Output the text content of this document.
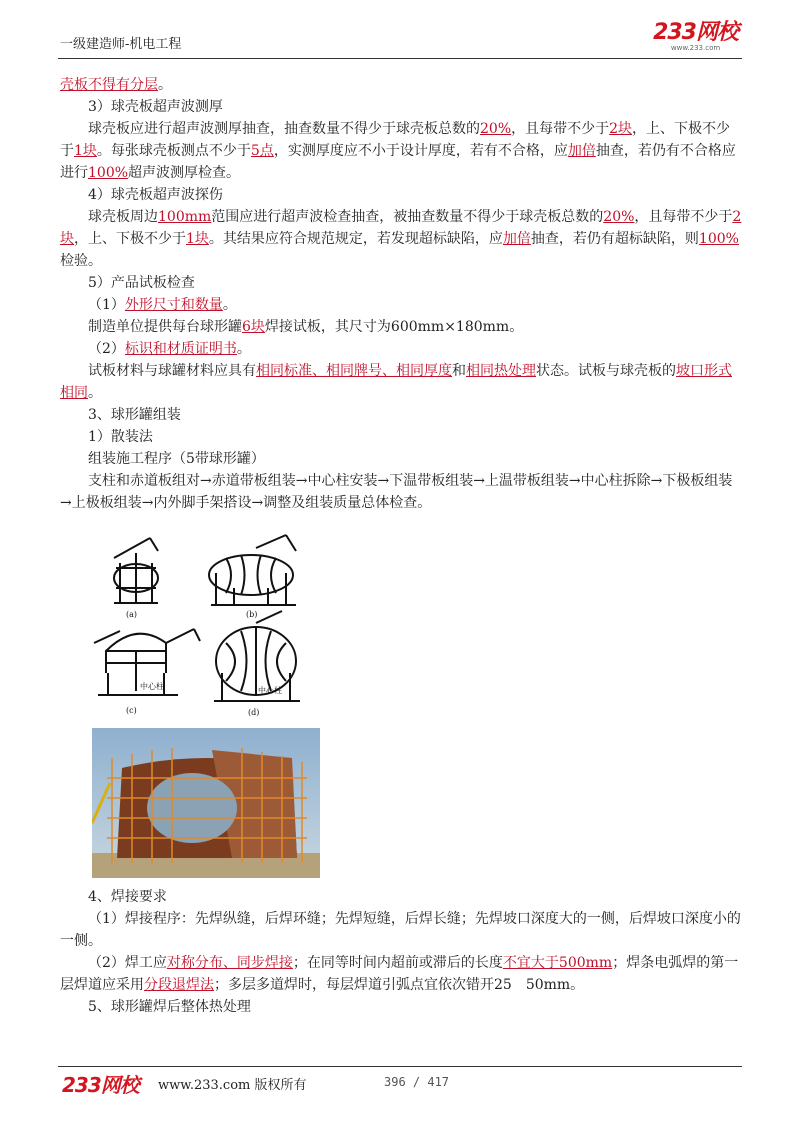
一级建造师-机电工程	233网校
www.233.com

壳板不得有分层。

3）球壳板超声波测厚

球壳板应进行超声波测厚抽查，抽查数量不得少于球壳板总数的20%，且每带不少于2块，上、下极不少于1块。每张球壳板测点不少于5点，实测厚度应不小于设计厚度，若有不合格，应加倍抽查，若仍有不合格应进行100%超声波测厚检查。

4）球壳板超声波探伤

球壳板周边100mm范围应进行超声波检查抽查，被抽查数量不得少于球壳板总数的20%，且每带不少于2块，上、下极不少于1块。其结果应符合规范规定，若发现超标缺陷，应加倍抽查，若仍有超标缺陷，则100%检验。

5）产品试板检查

（1）外形尺寸和数量。

制造单位提供每台球形罐6块焊接试板，其尺寸为600mm×180mm。

（2）标识和材质证明书。

试板材料与球罐材料应具有相同标准、相同牌号、相同厚度和相同热处理状态。试板与球壳板的坡口形式相同。

3、球形罐组装

1）散装法

组装施工程序（5带球形罐）

支柱和赤道板组对→赤道带板组装→中心柱安装→下温带板组装→上温带板组装→中心柱拆除→下极板组装→上极板组装→内外脚手架搭设→调整及组装质量总体检查。

(a)	(b)
(c)	(d)
中心柱	中心柱

4、焊接要求

（1）焊接程序：先焊纵缝，后焊环缝；先焊短缝，后焊长缝；先焊坡口深度大的一侧，后焊坡口深度小的一侧。

（2）焊工应对称分布、同步焊接；在同等时间内超前或滞后的长度不宜大于500mm；焊条电弧焊的第一层焊道应采用分段退焊法；多层多道焊时，每层焊道引弧点宜依次错开25　50mm。

5、球形罐焊后整体热处理

233网校 www.233.com 版权所有	396 / 417
